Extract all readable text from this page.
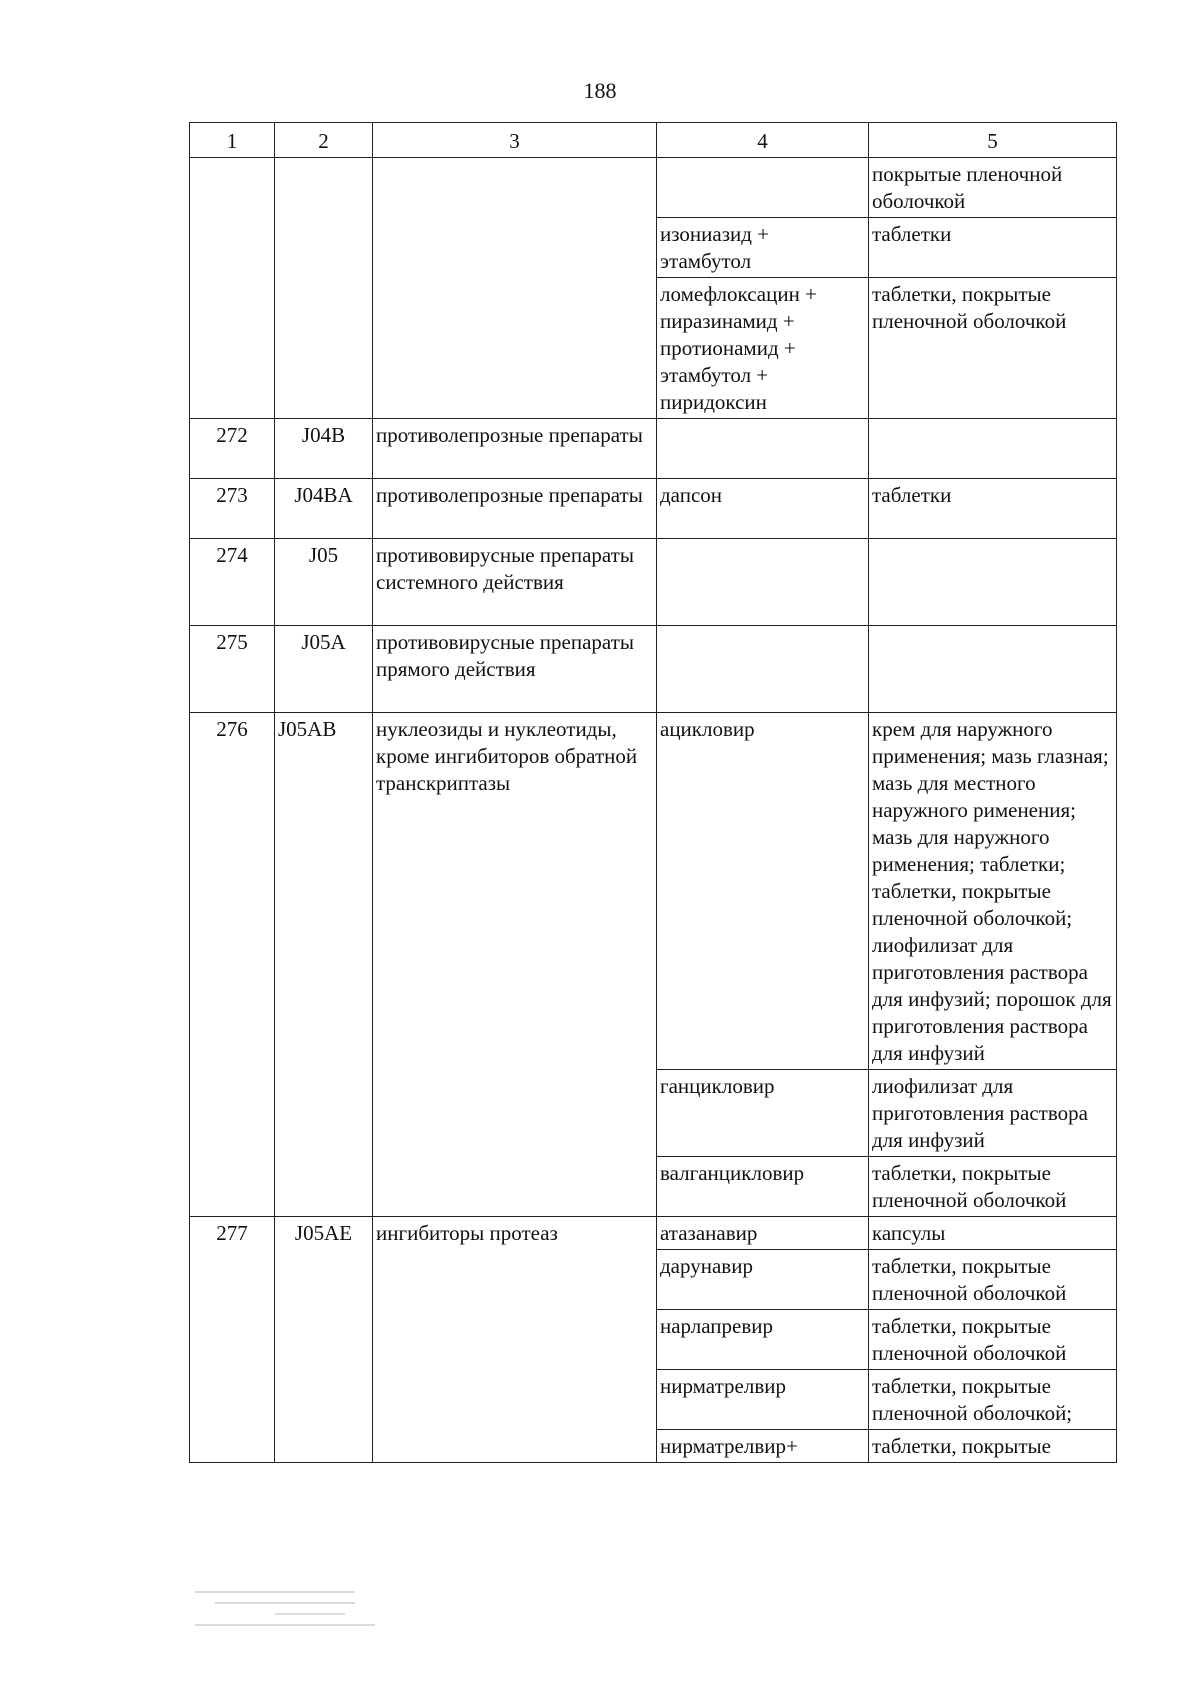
188
1	2	3	4	5
				покрытые пленочной оболочкой
			изониазид + этамбутол	таблетки
			ломефлоксацин + пиразинамид + протионамид + этамбутол + пиридоксин	таблетки, покрытые пленочной оболочкой
272	J04B	противолепрозные препараты		
273	J04BA	противолепрозные препараты	дапсон	таблетки
274	J05	противовирусные препараты системного действия		
275	J05A	противовирусные препараты прямого действия		
276	J05AB	нуклеозиды и нуклеотиды, кроме ингибиторов обратной транскриптазы	ацикловир	крем для наружного применения; мазь глазная; мазь для местного наружного рименения; мазь для наружного рименения; таблетки; таблетки, покрытые пленочной оболочкой; лиофилизат для приготовления раствора для инфузий; порошок для приготовления раствора для инфузий
			ганцикловир	лиофилизат для приготовления раствора для инфузий
			валганцикловир	таблетки, покрытые пленочной оболочкой
277	J05AE	ингибиторы протеаз	атазанавир	капсулы
			дарунавир	таблетки, покрытые пленочной оболочкой
			нарлапревир	таблетки, покрытые пленочной оболочкой
			нирматрелвир	таблетки, покрытые пленочной оболочкой;
			нирматрелвир+	таблетки, покрытые
